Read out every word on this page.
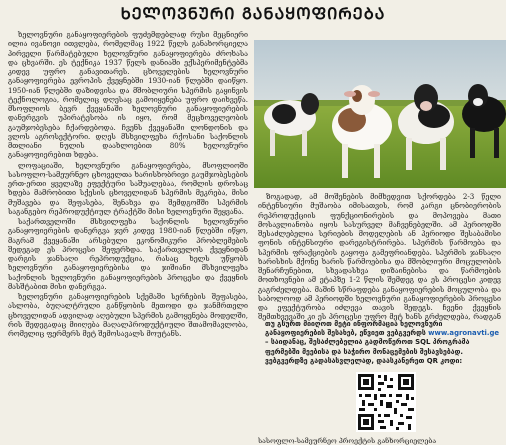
ᲮᲔᲚᲝᲕᲜᲣᲠᲘ ᲒᲐᲜᲐᲧᲝᲤᲘᲠᲔᲑᲐ

ხელოვნური განაყოფიერების ფუძემდებლად რუსი მეცნიერი ილია ივანოვი ითვლება, რომელმაც 1922 წელს განახორციელა პირველი წარმატებული ხელოვნური განაყოფიერება ძროხასა და ცხვარში. ეს ტექნიკა 1937 წელს დანიაში ექსპერიმენტებმა კიდევ უფრო განავითარეს. ცხოველების ხელოვნური განაყოფიერება ევროპის ქვეყნებში 1930-იან წლებში დაიწყო. 1950-იან წლებში დაზიდვისა და მშობლიური სპერმის გაყინვის ტექნოლოგია, რომელიც დღესაც გამოიყენება უფრო დაიხვეწა. მსოფლიოს ბევრ ქვეყანაში ხელოვნური განაყოფიერების დანერგვის უპირატესობა ის იყო, რომ მეცხოველეობის გაუმჯობესება ჩქარდებოდა. ჩვენს ქვეყანაში ლონდონის და ვლოს აგროსექტორი. დღეს მსხვილფეხა რქოსანი საქონლის მთლიანი ნულის დაახლოებით 80% ხელოვნური განაყოფიერებით ხდება.

ლოფაციაში, ხელოვნური განაყოფიერება, მსოფლიოში სასოფლო-სამეურნეო ცხოველთა ხარისხობრივი გაუმჯობესების ერთ-ერთი ყველაზე ეფექტური საშუალებაა, რომლის დროსაც ხდება მამრობითი სქესის ცხოველიდან სპერმის მეკრება, მისი მუშავება და შეფასება, შენახვა და შემდგომში სპერმის საგანგებო რეპროდუქტიულ ტრაქტში მისი ხელოვნური შეყვანა.

საქართველოში მსხვილფეხა საქონლის ხელოვნური განაყოფიერების დანერგვა ჯერ კიდევ 1980-იან წლებში იწყო, მაგრამ ქვეყანაში არსებული ეკონომიკური პრობლემების შედეგად ეს პროცესი შეფერხდა. საქართველოს ქვეყნიდან დარგის ჯანსაღი რეპროდუქცია, რასაც ხელს უწყობს ხელოვნური განაყოფიერებისა და ჯიშიანი მსხვილფეხა საქონლის ხელოვნური განაყოფიერების პროცესი და ქვეყნის მასშტაბით მისი დანერგვა.

ხელოვნური განაყოფიერების სქემაში სერჩების შეფასება, ასლობა, ბუღალტრული განწყობის მეთოდი და ჯანმრთელი ცხოველიდან ადვილად აღებული სპერმის გამოყენება მოდელში, რის შედეგადაც მიიღება მაღალპროდუქტიული შთამომავლობა, რომელიც ფერმერს მეტ შემოსავალს მოუტანს.

ზოგადად, ამ მოშენების მიმხედვით სქორდება 2-3 წელი ინტენსიური მუშაობა იმისათვის, რომ კარგი ცნობიერობის რეპროდუქციის ფუნქციონირების და მოპოვება მათი მოსავლიანობა იყოს სასურველ მაჩვენებელში. ამ პერიოდში შესაძლებელია სერიების მოდელების ან პერიოდი შესაბამისი ფონის ინტენსიური დარეგისტრირება. სპერმის წარმოება და სპერმის ფრაქციების გაყოფა გამეფრიანდება. სპერმის ჯანსაღი ხარისხის მქონე ხარის წარმოებისა და მშობლიური მოცულობის შენარჩუნებით, სხვადასხვა დიზაინებისა და წარმოების მოთხოვნები ამ ეტაპზე 1-2 წლის შემდეგ და ეს პროცესი კიდევ გაგრძელდება. მაშინ სწრაფდება განაყოფიერების მოცულობა და საბოლოოდ ამ პერიოდში ხელოვნური განაყოფიერების პროცესი და ეფექტურობა იძლევა თავის შედეგს. ჩვენი ქვეყნის შემთხვევაში კი ეს პროცესი უფრო მეტ ხანს გრძელდება, რადგან

თუ გსურთ მიიღოთ მეტი ინფორმაცია ხელოვნური განაყოფიერების შესახებ, ეწვიეთ ვებგვერდს www.agronavti.ge – საიდანაც, შესაძლებელია გადმოწეროთ SQL პროგრამა ფერმებში მეებისა და საჭირო მონაცემების შესავსებად. ვებგვერდზე გადასასვლელად, დაასკანერეთ QR კოდი:
სასოფლო-სამეურნეო პროექტის განხორციელება
